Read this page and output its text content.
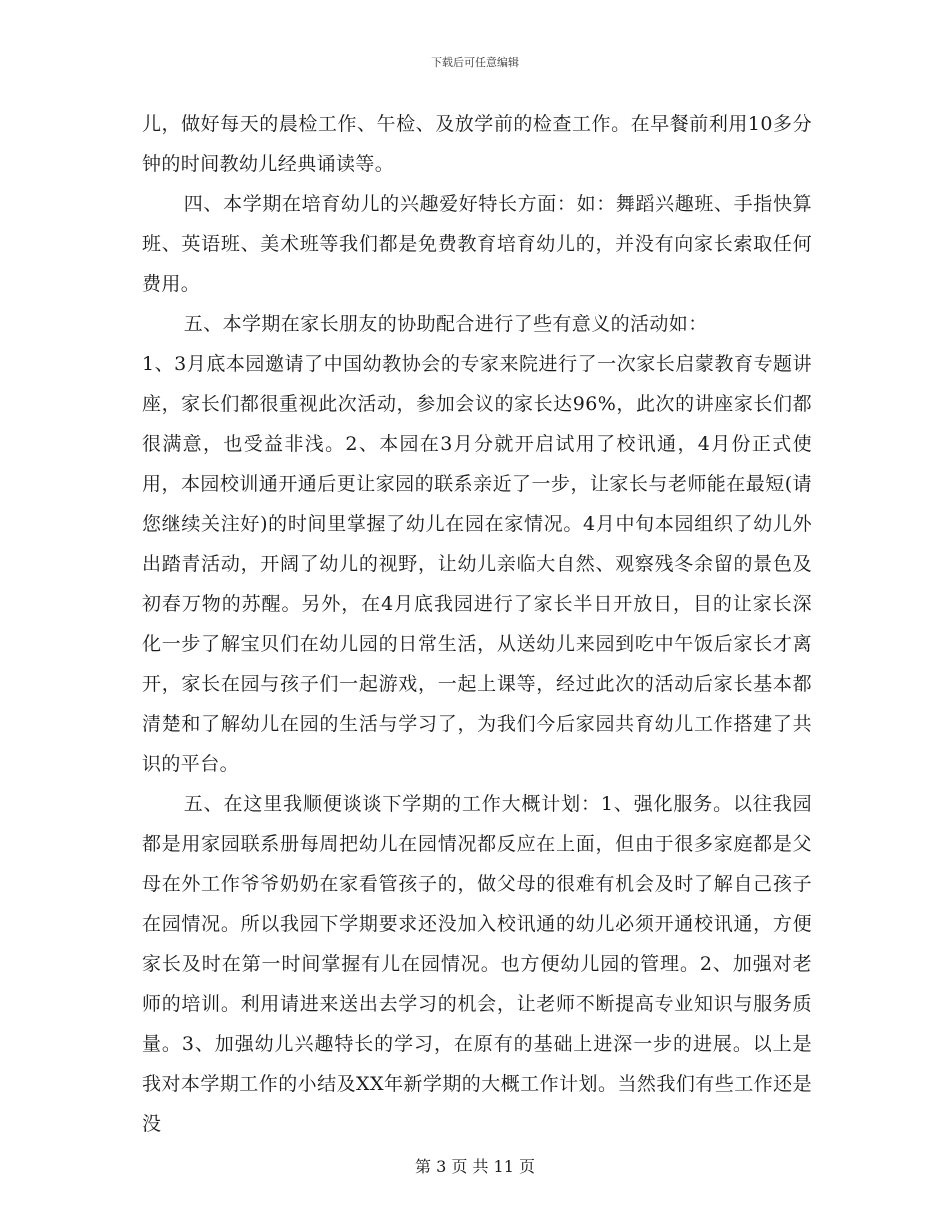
下载后可任意编辑

儿，做好每天的晨检工作、午检、及放学前的检查工作。在早餐前利用10多分钟的时间教幼儿经典诵读等。

四、本学期在培育幼儿的兴趣爱好特长方面：如：舞蹈兴趣班、手指快算班、英语班、美术班等我们都是免费教育培育幼儿的，并没有向家长索取任何费用。

五、本学期在家长朋友的协助配合进行了些有意义的活动如：

1、3月底本园邀请了中国幼教协会的专家来院进行了一次家长启蒙教育专题讲座，家长们都很重视此次活动，参加会议的家长达96%，此次的讲座家长们都很满意，也受益非浅。2、本园在3月分就开启试用了校讯通，4月份正式使用，本园校训通开通后更让家园的联系亲近了一步，让家长与老师能在最短(请您继续关注好)的时间里掌握了幼儿在园在家情况。4月中旬本园组织了幼儿外出踏青活动，开阔了幼儿的视野，让幼儿亲临大自然、观察残冬余留的景色及初春万物的苏醒。另外，在4月底我园进行了家长半日开放日，目的让家长深化一步了解宝贝们在幼儿园的日常生活，从送幼儿来园到吃中午饭后家长才离开，家长在园与孩子们一起游戏，一起上课等，经过此次的活动后家长基本都清楚和了解幼儿在园的生活与学习了，为我们今后家园共育幼儿工作搭建了共识的平台。

五、在这里我顺便谈谈下学期的工作大概计划：1、强化服务。以往我园都是用家园联系册每周把幼儿在园情况都反应在上面，但由于很多家庭都是父母在外工作爷爷奶奶在家看管孩子的，做父母的很难有机会及时了解自己孩子在园情况。所以我园下学期要求还没加入校讯通的幼儿必须开通校讯通，方便家长及时在第一时间掌握有儿在园情况。也方便幼儿园的管理。2、加强对老师的培训。利用请进来送出去学习的机会，让老师不断提高专业知识与服务质量。3、加强幼儿兴趣特长的学习，在原有的基础上进深一步的进展。以上是我对本学期工作的小结及XX年新学期的大概工作计划。当然我们有些工作还是没

第 3 页 共 11 页
